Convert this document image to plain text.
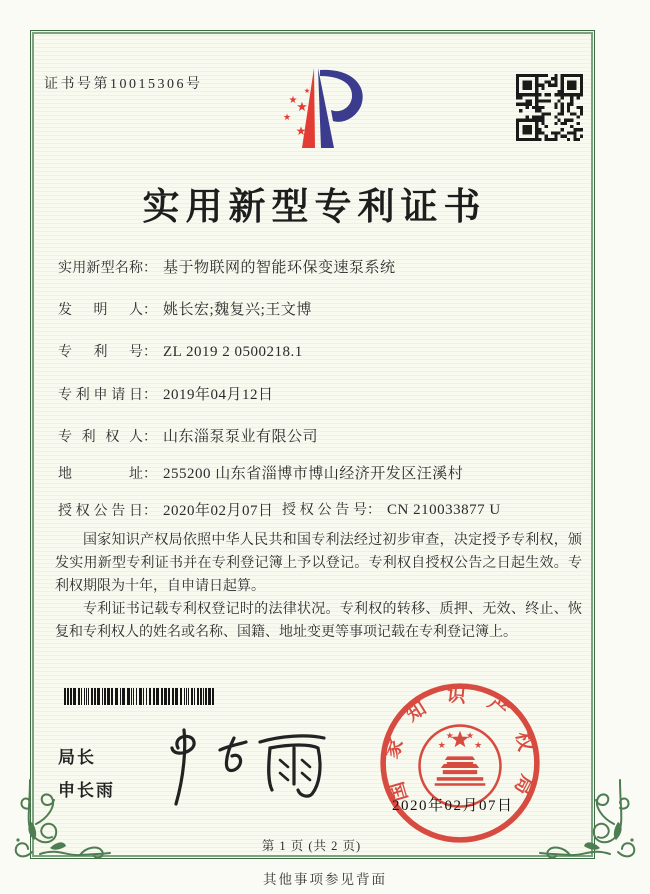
证书号第10015306号	★
★
★
★
★
实用新型专利证书
实用新型名称： 基于物联网的智能环保变速泵系统
发明人： 姚长宏;魏复兴;王文博
专利号： ZL 2019 2 0500218.1
专利申请日： 2019年04月12日
专利权人： 山东淄泵泵业有限公司
地址： 255200 山东省淄博市博山经济开发区汪溪村
授权公告日： 2020年02月07日 授权公告号： CN 210033877 U

国家知识产权局依照中华人民共和国专利法经过初步审查，决定授予专利权，颁发实用新型专利证书并在专利登记簿上予以登记。专利权自授权公告之日起生效。专利权期限为十年，自申请日起算。

专利证书记载专利权登记时的法律状况。专利权的转移、质押、无效、终止、恢复和专利权人的姓名或名称、国籍、地址变更等事项记载在专利登记簿上。

局长
申长雨	国家知识产权局
★
★ ★
★
2020年02月07日
第 1 页 (共 2 页)
其他事项参见背面
